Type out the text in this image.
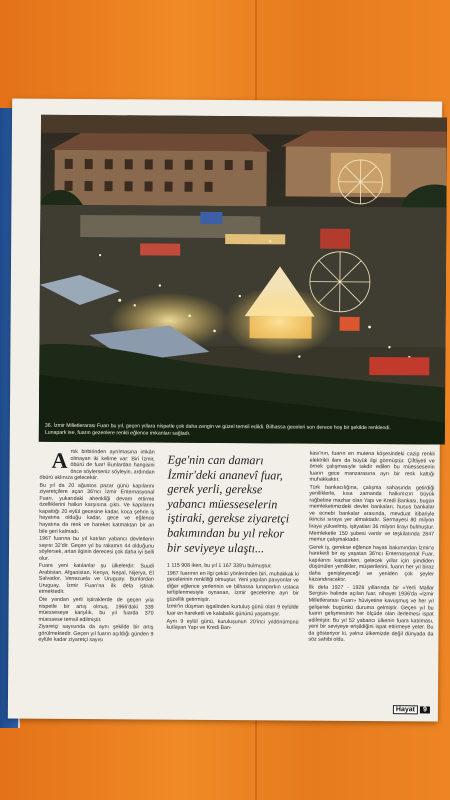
36. İzmir Milletlerarası Fuarı bu yıl, geçen yıllara nispetle çok daha zengin ve güzel temsil edildi. Bilhassa geceleri son derece hoş bir şekilde renklendi. Lunapark ise, fuarın gezenlere renkli eğlence imkanları sağladı.
A rtık birbirinden ayrılmasına imkân olmayan iki kelime var: Biri İzmir, öbürü de fuar! Bunlardan hangisini önce söylerseniz söyleyin, ardından öbürü aklınıza gelecektir.

Bu yıl da 20 ağustos pazar günü kapılarını ziyaretçilere açan 36'ncı İzmir Enternasyonal Fuarı, yukarıdaki ahenkliği devam ettirme özelliklerini halkın karşısına çıktı. Ve kapılarını kapattığı 20 eylül gecesine kadar, koca şehrin iş hayatına olduğu kadar, gece ve eğlence hayatına da renk ve hareket katmaktan bir an bile geri kalmadı.

1967 fuarına bu yıl katılan yabancı devletlerin sayısı 32'dir. Geçen yıl bu rakamın 44 olduğunu söylersek, artan ilginin derecesi çok daha iyi belli olur.

Fuara yeni katılanlar şu ülkelerdir: Suudi Arabistan, Afganistan, Kenya, Nepal, Nijerya, El Salvador, Venezuela ve Uruguay. Bunlardan Uruguay, İzmir Fuarı'na ilk defa iştirak etmektedir.

Öte yandan yerli iştiraklerde de geçen yıla nispetle bir artış olmuş, 1966'daki 339 müesseseye karşılık, bu yıl fuarda 370 müessese temsil edilmiştir.

Ziyaretçi sayısında da aynı şekilde bir artış görülmektedir. Geçen yıl fuarın açıldığı günden 9 eylüle kadar ziyaretçi sayısı

Ege'nin can damarı İzmir'deki ananevî fuar, gerek yerli, gerekse yabancı müesseselerin iştiraki, gerekse ziyaretçi bakımından bu yıl rekor bir seviyeye ulaştı...

1 115 908 iken, bu yıl 1 167 339'u bulmuştur.

1967 fuarının en ilgi çekici yönlerinden biri, muhakkak ki gecelerinin renkliliği olmuştur. Yeni yapılan pavyonlar ve diğer eğlence yerlerinin ve bilhassa lunaparkın ustaca tertiplenmesiyle oynanan, İzmir gecelerine ayrı bir güzellik getirmiştir.

İzmir'in düşman işgalinden kurtuluş günü olan 9 eylülde fuar en hareketli ve kalabalık gününü yaşamıştır.

Aynı 9 eylül günü, kuruluşunun 20'inci yıldönümünü kutlayan Yapı ve Kredi Ban-

kası'nın, fuarın en mutena köşesindeki cazip renkli elektrikli ilanı da büyük ilgi görmüştür. Çiftliyeti ve örnek çalışmasıyle takdir edilen bu müessesenin fuarın gece manzarasına ayrı bir renk kattığı muhakkaktır.

Türk bankacılığına, çalışma sahasında getirdiği yeniliklerle, kısa zamanda halkımızın büyük rağbetine mazhar olan Yapı ve Kredi Bankası, bugün memleketimizdeki devlet bankaları, husus bankalar ve ecnebi bankalar arasında, mevduat itibariyle ikincisi sıraya yer almaktadır. Sermayesi 80 milyon liraya yükselmiş, iştiyatları 36 milyon lirayı bulmuştur. Memleketle 150 şubesi vardır ve teşkilatında 2847 memur çalışmaktadır.

Gerek iş, gerekse eğlence hayatı bakımından İzmir'e hareketli bir ay yaşatan 36'ncı Enternasyonal Fuar, kapılarını kapatırken, gelecek yıllar için şimdiden düşünülen yenilikler, müşterilerini, fuarın her yıl biraz daha genişleyeceği ve yeniden çok şeyler kazandıracaktır.

İlk defa 1927 - 1928 yıllarında bir «Yerli Mallar Sergisi» halinde açılan fuar, nihayet 1936'da «İzmir Milletlerarası Fuarı» hüviyetine kavuşmuş ve her yıl gelişerek bugünkü duruma gelmiştir. Geçen yıl bu fuarın gelişmesinin her ölçüde olan ilerlemesi ispat edilmiştir. Bu yıl 52 yabancı ülkenin fuara katılması, yeni bir seviyeye erişildiğini ispat ettirmeye yeter. Bu da gösteriyor ki, yalnız ülkemizde değil dünyada da söz sahibi oldu.

Hayat	9
